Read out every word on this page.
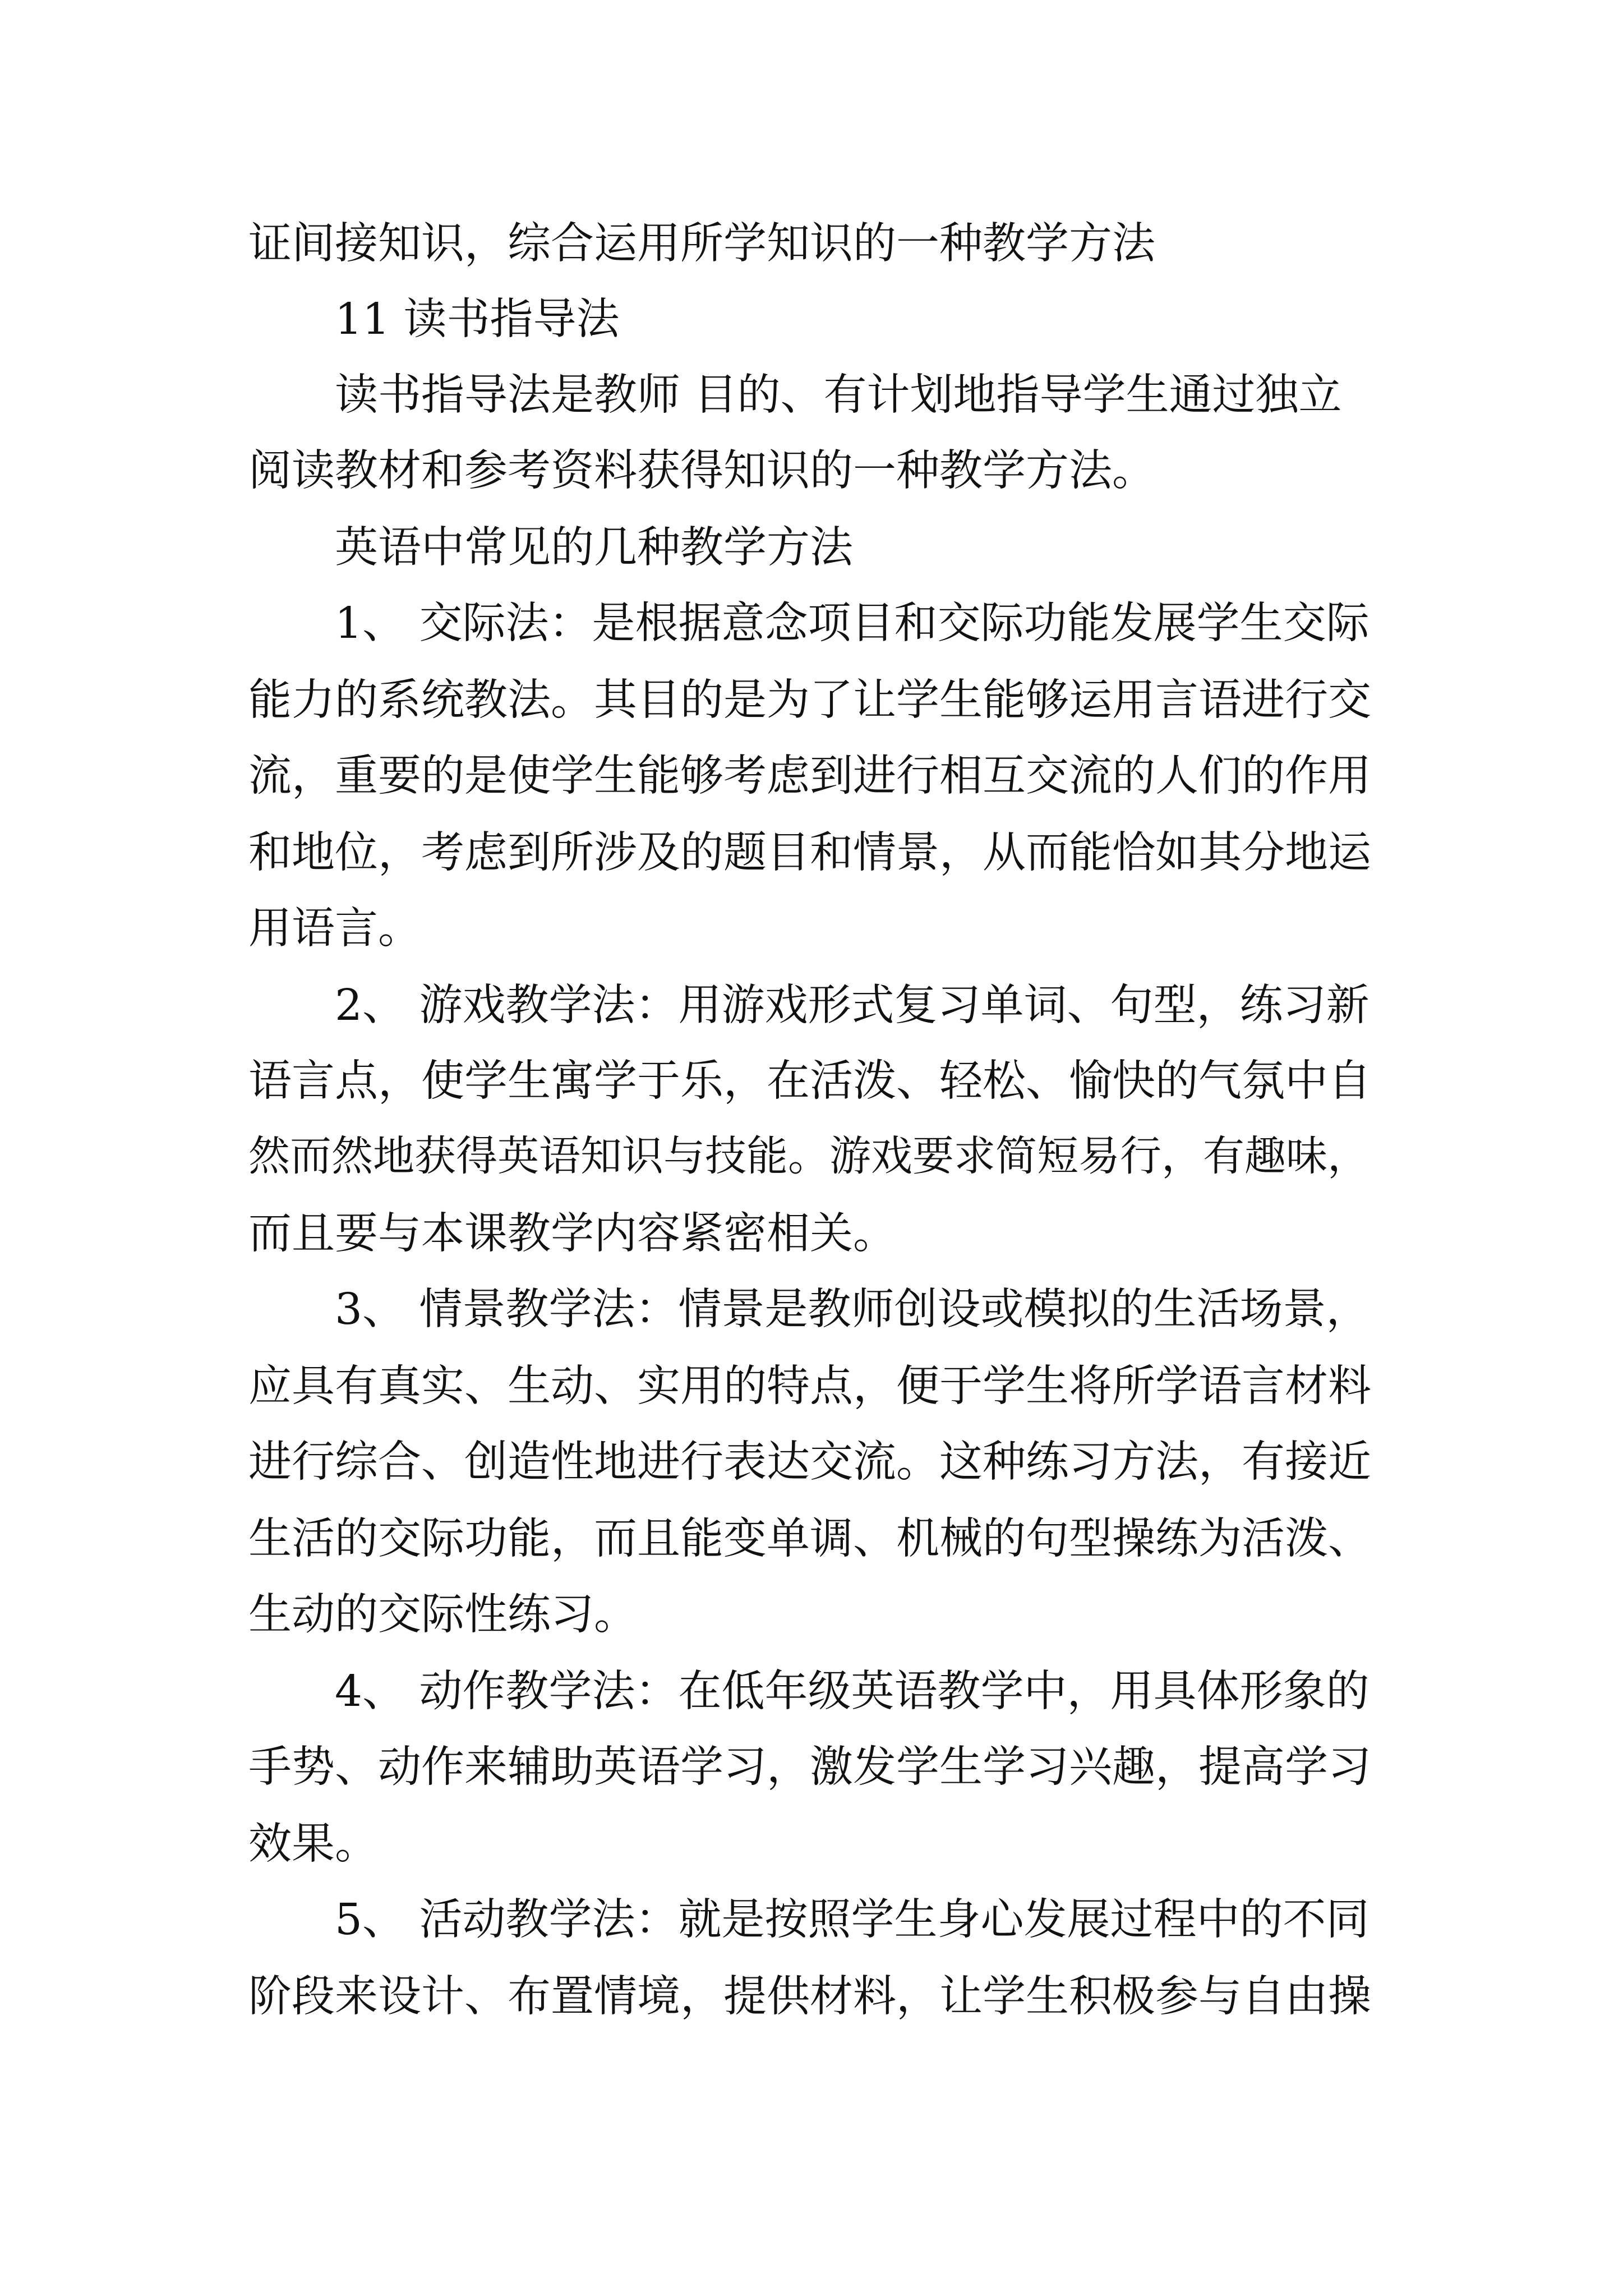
证间接知识，综合运用所学知识的一种教学方法

11 读书指导法

读书指导法是教师 目的、有计划地指导学生通过独立

阅读教材和参考资料获得知识的一种教学方法。

英语中常见的几种教学方法

1、 交际法：是根据意念项目和交际功能发展学生交际

能力的系统教法。其目的是为了让学生能够运用言语进行交

流，重要的是使学生能够考虑到进行相互交流的人们的作用

和地位，考虑到所涉及的题目和情景，从而能恰如其分地运

用语言。

2、 游戏教学法：用游戏形式复习单词、句型，练习新

语言点，使学生寓学于乐，在活泼、轻松、愉快的气氛中自

然而然地获得英语知识与技能。游戏要求简短易行，有趣味，

而且要与本课教学内容紧密相关。

3、 情景教学法：情景是教师创设或模拟的生活场景，

应具有真实、生动、实用的特点，便于学生将所学语言材料

进行综合、创造性地进行表达交流。这种练习方法，有接近

生活的交际功能，而且能变单调、机械的句型操练为活泼、

生动的交际性练习。

4、 动作教学法：在低年级英语教学中，用具体形象的

手势、动作来辅助英语学习，激发学生学习兴趣，提高学习

效果。

5、 活动教学法：就是按照学生身心发展过程中的不同

阶段来设计、布置情境，提供材料，让学生积极参与自由操
